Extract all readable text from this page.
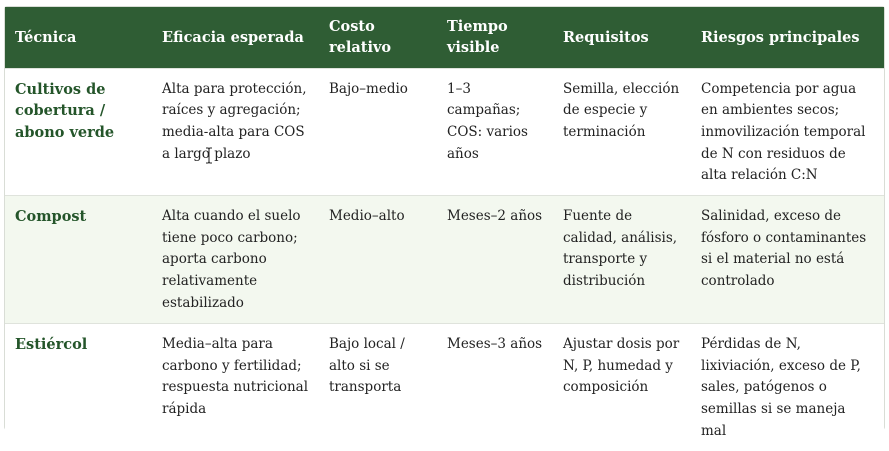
Técnica	Eficacia esperada	Costo relativo	Tiempo visible	Requisitos	Riesgos principales
Cultivos de cobertura / abono verde	Alta para protección, raíces y agregación; media-alta para COS a largo plazo	Bajo–medio	1–3 campañas; COS: varios años	Semilla, elección de especie y terminación	Competencia por agua en ambientes secos; inmovilización temporal de N con residuos de alta relación C:N
Compost	Alta cuando el suelo tiene poco carbono; aporta carbono relativamente estabilizado	Medio–alto	Meses–2 años	Fuente de calidad, análisis, transporte y distribución	Salinidad, exceso de fósforo o contaminantes si el material no está controlado
Estiércol	Media–alta para carbono y fertilidad; respuesta nutricional rápida	Bajo local / alto si se transporta	Meses–3 años	Ajustar dosis por N, P, humedad y composición	Pérdidas de N, lixiviación, exceso de P, sales, patógenos o semillas si se maneja mal
